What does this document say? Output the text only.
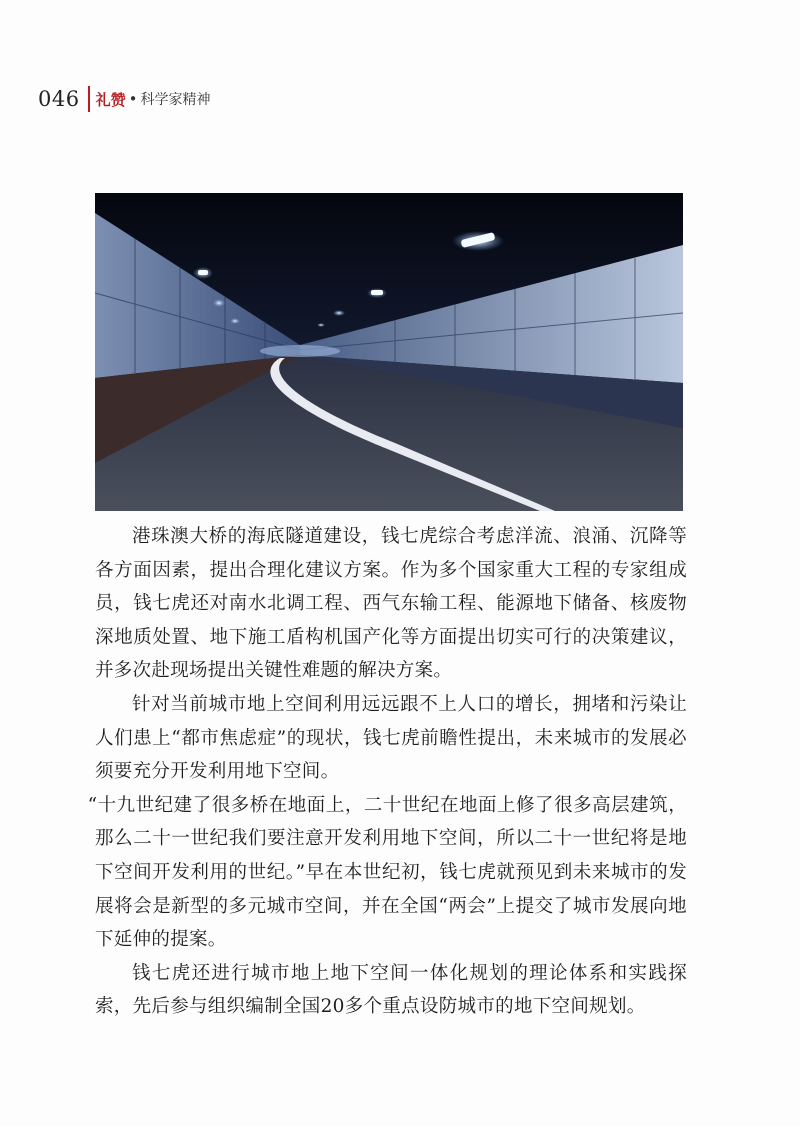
046 礼赞 • 科学家精神

港珠澳大桥的海底隧道建设，钱七虎综合考虑洋流、浪涌、沉降等各方面因素，提出合理化建议方案。作为多个国家重大工程的专家组成员，钱七虎还对南水北调工程、西气东输工程、能源地下储备、核废物深地质处置、地下施工盾构机国产化等方面提出切实可行的决策建议，并多次赴现场提出关键性难题的解决方案。

针对当前城市地上空间利用远远跟不上人口的增长，拥堵和污染让人们患上“都市焦虑症”的现状，钱七虎前瞻性提出，未来城市的发展必须要充分开发利用地下空间。

“十九世纪建了很多桥在地面上，二十世纪在地面上修了很多高层建筑，那么二十一世纪我们要注意开发利用地下空间，所以二十一世纪将是地下空间开发利用的世纪。”早在本世纪初，钱七虎就预见到未来城市的发展将会是新型的多元城市空间，并在全国“两会”上提交了城市发展向地下延伸的提案。

钱七虎还进行城市地上地下空间一体化规划的理论体系和实践探索，先后参与组织编制全国20多个重点设防城市的地下空间规划。
